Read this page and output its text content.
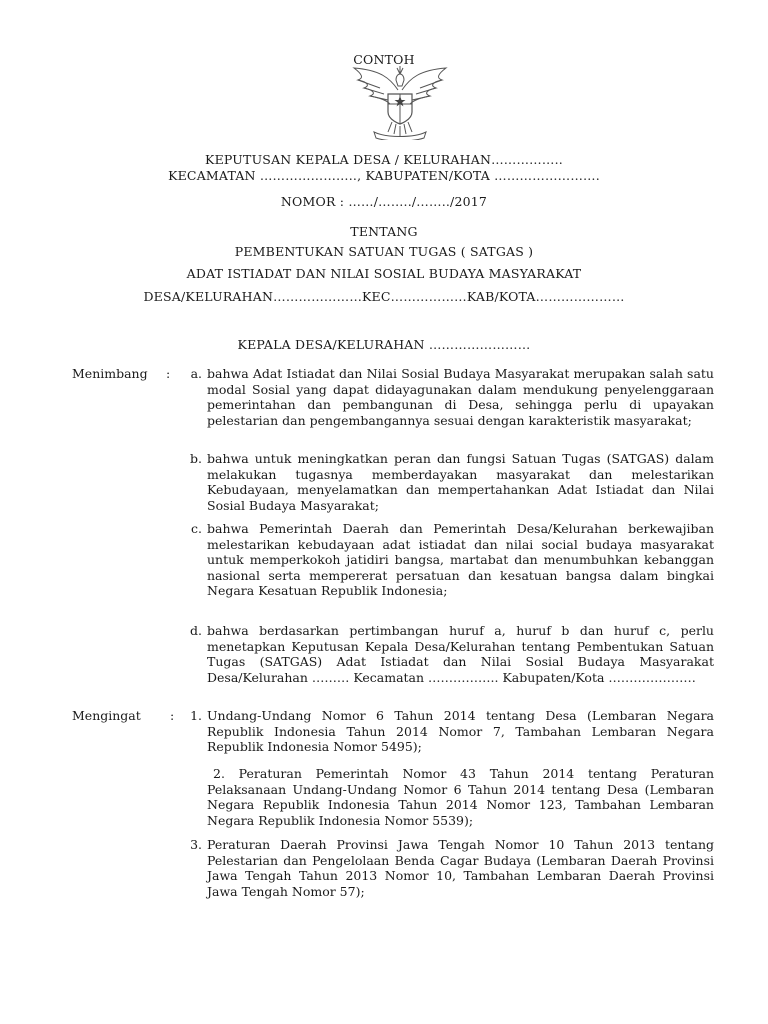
CONTOH
KEPUTUSAN KEPALA DESA / KELURAHAN……………..
KECAMATAN ………………….., KABUPATEN/KOTA …………………….
NOMOR : ……/……../……../2017
TENTANG
PEMBENTUKAN SATUAN TUGAS ( SATGAS )
ADAT ISTIADAT DAN NILAI SOSIAL BUDAYA MASYARAKAT
DESA/KELURAHAN…………………KEC………………KAB/KOTA…………………
KEPALA DESA/KELURAHAN ……………………
Menimbang :	a. bahwa Adat Istiadat dan Nilai Sosial Budaya Masyarakat merupakan salah satu modal Sosial yang dapat didayagunakan dalam mendukung penyelenggaraan pemerintahan dan pembangunan di Desa, sehingga perlu di upayakan pelestarian dan pengembangannya sesuai dengan karakteristik masyarakat;
b. bahwa untuk meningkatkan peran dan fungsi Satuan Tugas (SATGAS) dalam melakukan tugasnya memberdayakan masyarakat dan melestarikan Kebudayaan, menyelamatkan dan mempertahankan Adat Istiadat dan Nilai Sosial Budaya Masyarakat;
c. bahwa Pemerintah Daerah dan Pemerintah Desa/Kelurahan berkewajiban melestarikan kebudayaan adat istiadat dan nilai social budaya masyarakat untuk memperkokoh jatidiri bangsa, martabat dan menumbuhkan kebanggan nasional serta mempererat persatuan dan kesatuan bangsa dalam bingkai Negara Kesatuan Republik Indonesia;
d. bahwa berdasarkan pertimbangan huruf a, huruf b dan huruf c, perlu menetapkan Keputusan Kepala Desa/Kelurahan tentang Pembentukan Satuan Tugas (SATGAS) Adat Istiadat dan Nilai Sosial Budaya Masyarakat Desa/Kelurahan ……… Kecamatan …………….. Kabupaten/Kota …………………
Mengingat :	1. Undang-Undang Nomor 6 Tahun 2014 tentang Desa (Lembaran Negara Republik Indonesia Tahun 2014 Nomor 7, Tambahan Lembaran Negara Republik Indonesia Nomor 5495);
2. Peraturan Pemerintah Nomor 43 Tahun 2014 tentang Peraturan Pelaksanaan Undang-Undang Nomor 6 Tahun 2014 tentang Desa (Lembaran Negara Republik Indonesia Tahun 2014 Nomor 123, Tambahan Lembaran Negara Republik Indonesia Nomor 5539);
3. Peraturan Daerah Provinsi Jawa Tengah Nomor 10 Tahun 2013 tentang Pelestarian dan Pengelolaan Benda Cagar Budaya (Lembaran Daerah Provinsi Jawa Tengah Tahun 2013 Nomor 10, Tambahan Lembaran Daerah Provinsi Jawa Tengah Nomor 57);
